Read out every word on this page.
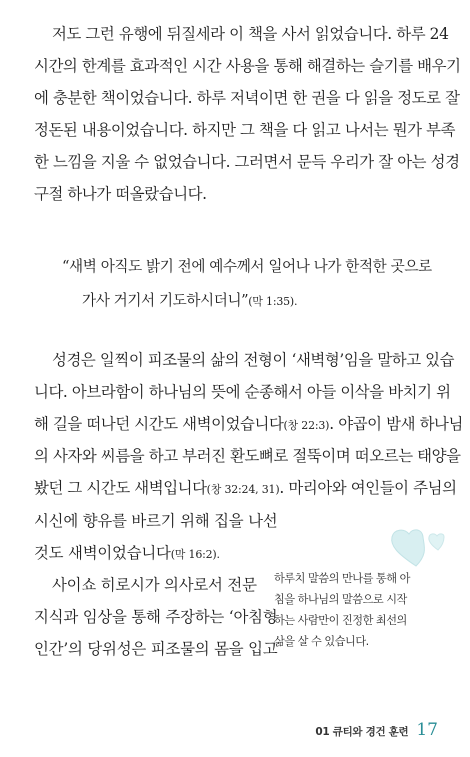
저도 그런 유행에 뒤질세라 이 책을 사서 읽었습니다. 하루 24
시간의 한계를 효과적인 시간 사용을 통해 해결하는 슬기를 배우기
에 충분한 책이었습니다. 하루 저녁이면 한 권을 다 읽을 정도로 잘
정돈된 내용이었습니다. 하지만 그 책을 다 읽고 나서는 뭔가 부족
한 느낌을 지울 수 없었습니다. 그러면서 문득 우리가 잘 아는 성경
구절 하나가 떠올랐습니다.
“새벽 아직도 밝기 전에 예수께서 일어나 나가 한적한 곳으로
가사 거기서 기도하시더니”(막 1:35).
성경은 일찍이 피조물의 삶의 전형이 ‘새벽형’임을 말하고 있습
니다. 아브라함이 하나님의 뜻에 순종해서 아들 이삭을 바치기 위
해 길을 떠나던 시간도 새벽이었습니다(창 22:3). 야곱이 밤새 하나님
의 사자와 씨름을 하고 부러진 환도뼈로 절뚝이며 떠오르는 태양을
봤던 그 시간도 새벽입니다(창 32:24, 31). 마리아와 여인들이 주님의
시신에 향유를 바르기 위해 집을 나선
것도 새벽이었습니다(막 16:2).
사이쇼 히로시가 의사로서 전문
지식과 임상을 통해 주장하는 ‘아침형
인간’의 당위성은 피조물의 몸을 입고
하루치 말씀의 만나를 통해 아
침을 하나님의 말씀으로 시작
하는 사람만이 진정한 최선의
삶을 살 수 있습니다.
01 큐티와 경건 훈련 17
